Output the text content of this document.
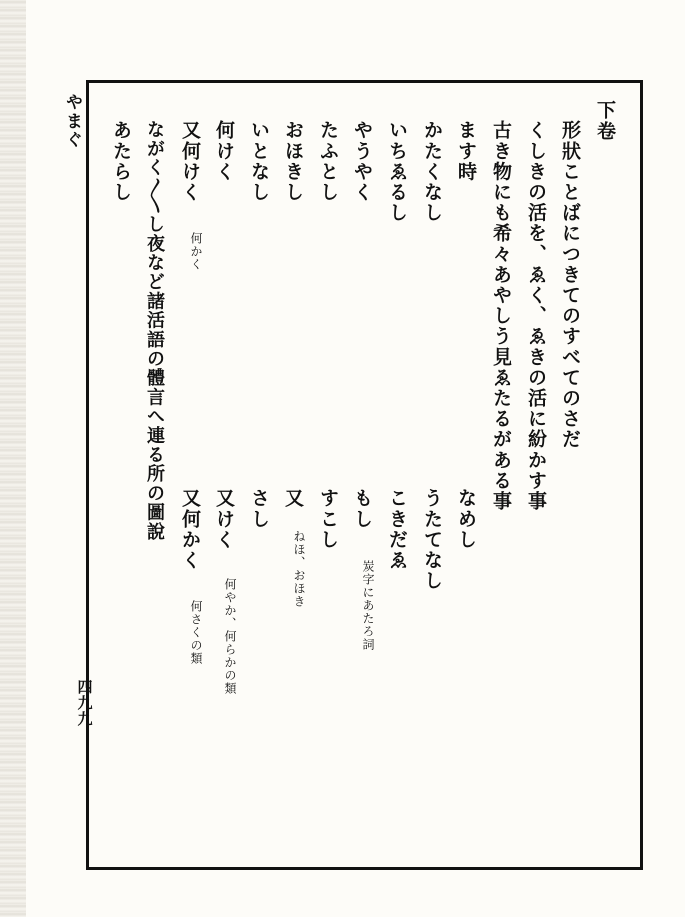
やまぐ
四
九
九
下卷
形狀ことばにつきてのすべてのさだ
くしきの活を、ゑく、ゑきの活に紛かす事
古き物にも希々あやしう見ゑたるがある事
ます時
なめし
かたくなし
うたてなし
いちゑるし
こきだゑ
やうやく
もし
炭字にあたろ詞
たふとし
すこし
おほきし
又
ねほ、おほき
いとなし
さし
何けく
又けく
何やか、何らかの類
又何けく
何かく
又何かく
何さくの類
ながく〳〵し夜など諸活語の體言へ連る所の圖說
あたらし
